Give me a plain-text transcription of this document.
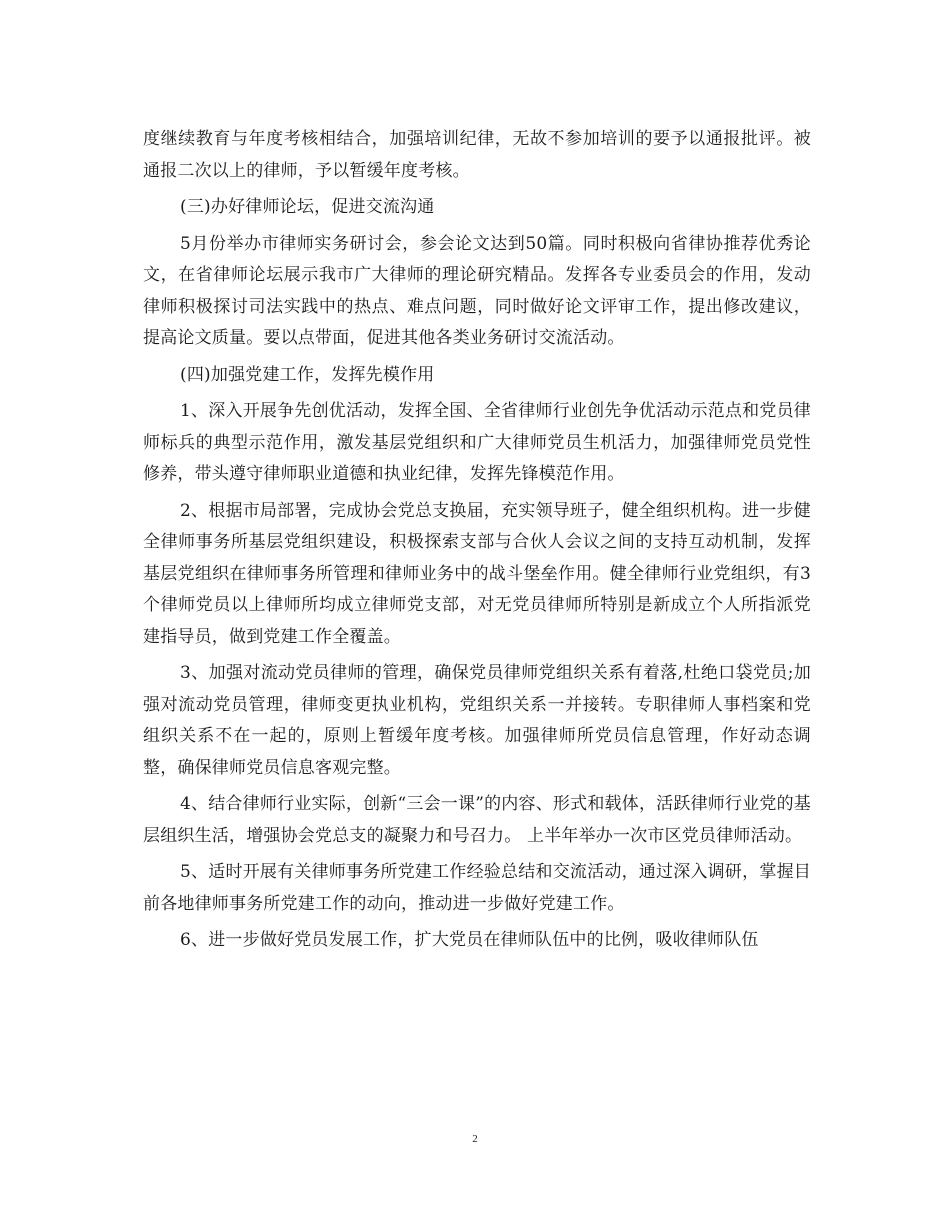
度继续教育与年度考核相结合，加强培训纪律，无故不参加培训的要予以通报批评。被通报二次以上的律师，予以暂缓年度考核。

(三)办好律师论坛，促进交流沟通

5月份举办市律师实务研讨会，参会论文达到50篇。同时积极向省律协推荐优秀论文，在省律师论坛展示我市广大律师的理论研究精品。发挥各专业委员会的作用，发动律师积极探讨司法实践中的热点、难点问题，同时做好论文评审工作，提出修改建议，提高论文质量。要以点带面，促进其他各类业务研讨交流活动。

(四)加强党建工作，发挥先模作用

1、深入开展争先创优活动，发挥全国、全省律师行业创先争优活动示范点和党员律师标兵的典型示范作用，激发基层党组织和广大律师党员生机活力，加强律师党员党性修养，带头遵守律师职业道德和执业纪律，发挥先锋模范作用。

2、根据市局部署，完成协会党总支换届，充实领导班子，健全组织机构。进一步健全律师事务所基层党组织建设，积极探索支部与合伙人会议之间的支持互动机制，发挥基层党组织在律师事务所管理和律师业务中的战斗堡垒作用。健全律师行业党组织，有3个律师党员以上律师所均成立律师党支部，对无党员律师所特别是新成立个人所指派党建指导员，做到党建工作全覆盖。

3、加强对流动党员律师的管理，确保党员律师党组织关系有着落,杜绝口袋党员;加强对流动党员管理，律师变更执业机构，党组织关系一并接转。专职律师人事档案和党组织关系不在一起的，原则上暂缓年度考核。加强律师所党员信息管理，作好动态调整，确保律师党员信息客观完整。

4、结合律师行业实际，创新“三会一课”的内容、形式和载体，活跃律师行业党的基层组织生活，增强协会党总支的凝聚力和号召力。 上半年举办一次市区党员律师活动。

5、适时开展有关律师事务所党建工作经验总结和交流活动，通过深入调研，掌握目前各地律师事务所党建工作的动向，推动进一步做好党建工作。

6、进一步做好党员发展工作，扩大党员在律师队伍中的比例，吸收律师队伍

2
